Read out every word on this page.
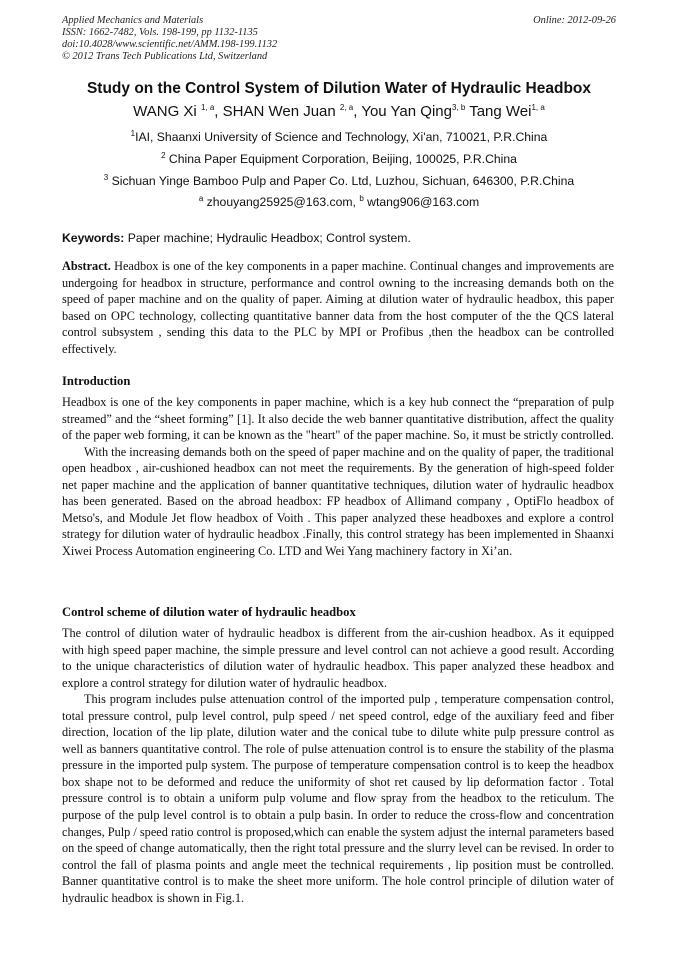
Applied Mechanics and Materials
ISSN: 1662-7482, Vols. 198-199, pp 1132-1135
doi:10.4028/www.scientific.net/AMM.198-199.1132
© 2012 Trans Tech Publications Ltd, Switzerland
Online: 2012-09-26
Study on the Control System of Dilution Water of Hydraulic Headbox
WANG Xi $^{1, a}$, SHAN Wen Juan $^{2, a}$, You Yan Qing$^{3, b}$ Tang Wei$^{1, a}$
$^1$IAI, Shaanxi University of Science and Technology, Xi'an, 710021, P.R.China
$^2$ China Paper Equipment Corporation, Beijing, 100025, P.R.China
$^3$ Sichuan Yinge Bamboo Pulp and Paper Co. Ltd, Luzhou, Sichuan, 646300, P.R.China
$^a$ zhouyang25925@163.com, $^b$ wtang906@163.com
Keywords: Paper machine; Hydraulic Headbox; Control system.
Abstract. Headbox is one of the key components in a paper machine. Continual changes and improvements are undergoing for headbox in structure, performance and control owning to the increasing demands both on the speed of paper machine and on the quality of paper. Aiming at dilution water of hydraulic headbox, this paper based on OPC technology, collecting quantitative banner data from the host computer of the the QCS lateral control subsystem , sending this data to the PLC by MPI or Profibus ,then the headbox can be controlled effectively.
Introduction

Headbox is one of the key components in paper machine, which is a key hub connect the “preparation of pulp streamed” and the “sheet forming” [1]. It also decide the web banner quantitative distribution, affect the quality of the paper web forming, it can be known as the "heart" of the paper machine. So, it must be strictly controlled.

With the increasing demands both on the speed of paper machine and on the quality of paper, the traditional open headbox , air-cushioned headbox can not meet the requirements. By the generation of high-speed folder net paper machine and the application of banner quantitative techniques, dilution water of hydraulic headbox has been generated. Based on the abroad headbox: FP headbox of Allimand company , OptiFlo headbox of Metso's, and Module Jet flow headbox of Voith . This paper analyzed these headboxes and explore a control strategy for dilution water of hydraulic headbox .Finally, this control strategy has been implemented in Shaanxi Xiwei Process Automation engineering Co. LTD and Wei Yang machinery factory in Xi’an.

Control scheme of dilution water of hydraulic headbox

The control of dilution water of hydraulic headbox is different from the air-cushion headbox. As it equipped with high speed paper machine, the simple pressure and level control can not achieve a good result. According to the unique characteristics of dilution water of hydraulic headbox. This paper analyzed these headbox and explore a control strategy for dilution water of hydraulic headbox.

This program includes pulse attenuation control of the imported pulp , temperature compensation control, total pressure control, pulp level control, pulp speed / net speed control, edge of the auxiliary feed and fiber direction, location of the lip plate, dilution water and the conical tube to dilute white pulp pressure control as well as banners quantitative control. The role of pulse attenuation control is to ensure the stability of the plasma pressure in the imported pulp system. The purpose of temperature compensation control is to keep the headbox box shape not to be deformed and reduce the uniformity of shot ret caused by lip deformation factor . Total pressure control is to obtain a uniform pulp volume and flow spray from the headbox to the reticulum. The purpose of the pulp level control is to obtain a pulp basin. In order to reduce the cross-flow and concentration changes, Pulp / speed ratio control is proposed,which can enable the system adjust the internal parameters based on the speed of change automatically, then the right total pressure and the slurry level can be revised. In order to control the fall of plasma points and angle meet the technical requirements , lip position must be controlled. Banner quantitative control is to make the sheet more uniform. The hole control principle of dilution water of hydraulic headbox is shown in Fig.1.
